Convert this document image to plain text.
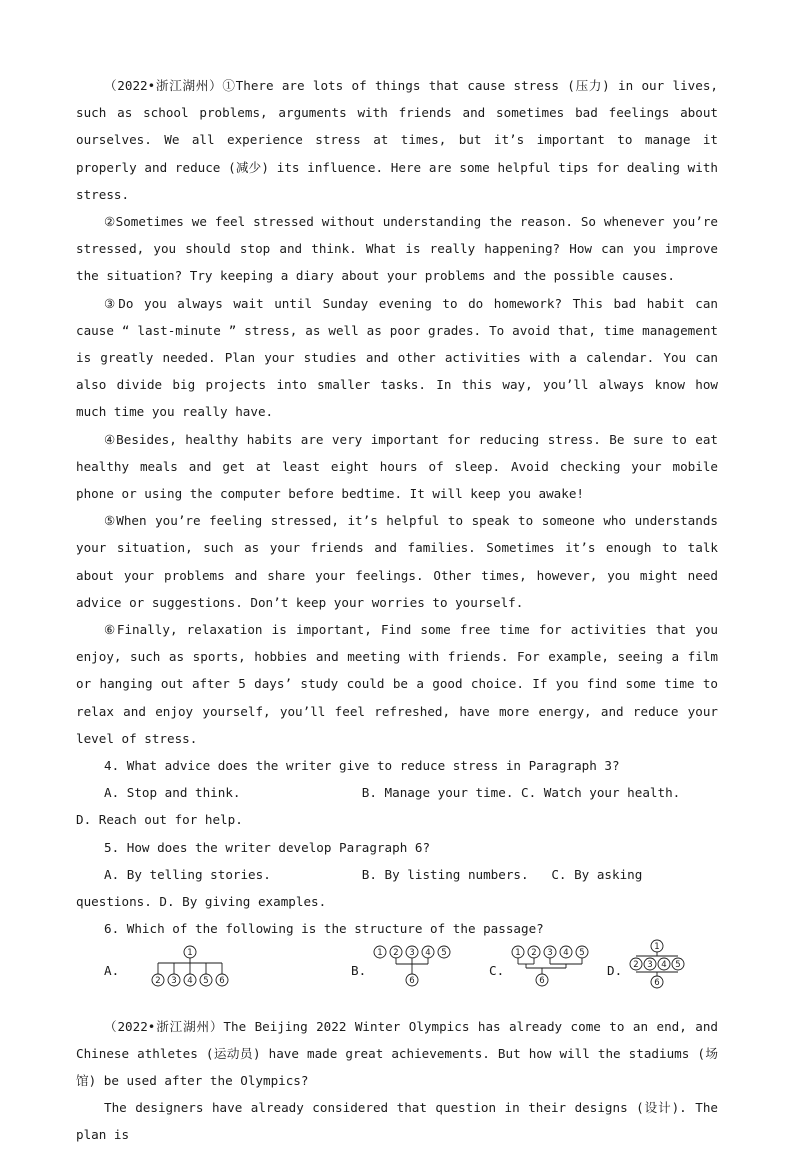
（2022•浙江湖州）①There are lots of things that cause stress (压力) in our lives, such as school problems, arguments with friends and sometimes bad feelings about ourselves. We all experience stress at times, but it’s important to manage it properly and reduce (减少) its influence. Here are some helpful tips for dealing with stress.

②Sometimes we feel stressed without understanding the reason. So whenever you’re stressed, you should stop and think. What is really happening? How can you improve the situation? Try keeping a diary about your problems and the possible causes.

③Do you always wait until Sunday evening to do homework? This bad habit can cause “ last-minute ” stress, as well as poor grades. To avoid that, time management is greatly needed. Plan your studies and other activities with a calendar. You can also divide big projects into smaller tasks. In this way, you’ll always know how much time you really have.

④Besides, healthy habits are very important for reducing stress. Be sure to eat healthy meals and get at least eight hours of sleep. Avoid checking your mobile phone or using the computer before bedtime. It will keep you awake!

⑤When you’re feeling stressed, it’s helpful to speak to someone who understands your situation, such as your friends and families. Sometimes it’s enough to talk about your problems and share your feelings. Other times, however, you might need advice or suggestions. Don’t keep your worries to yourself.

⑥Finally, relaxation is important, Find some free time for activities that you enjoy, such as sports, hobbies and meeting with friends. For example, seeing a film or hanging out after 5 days’ study could be a good choice. If you find some time to relax and enjoy yourself, you’ll feel refreshed, have more energy, and reduce your level of stress.

4. What advice does the writer give to reduce stress in Paragraph 3?

A. Stop and think.                B. Manage your time. C. Watch your health.   D. Reach out for help.

5. How does the writer develop Paragraph 6?

A. By telling stories.            B. By listing numbers.   C. By asking questions. D. By giving examples.

6. Which of the following is the structure of the passage?

A.
1
2 3 4 5 6
B.
1 2 3 4 5
6
C.
1 2 3 4 5
6
D.
1
2 3 4 5
6

（2022•浙江湖州）The Beijing 2022 Winter Olympics has already come to an end, and Chinese athletes (运动员) have made great achievements. But how will the stadiums (场馆) be used after the Olympics?

The designers have already considered that question in their designs (设计). The plan is
